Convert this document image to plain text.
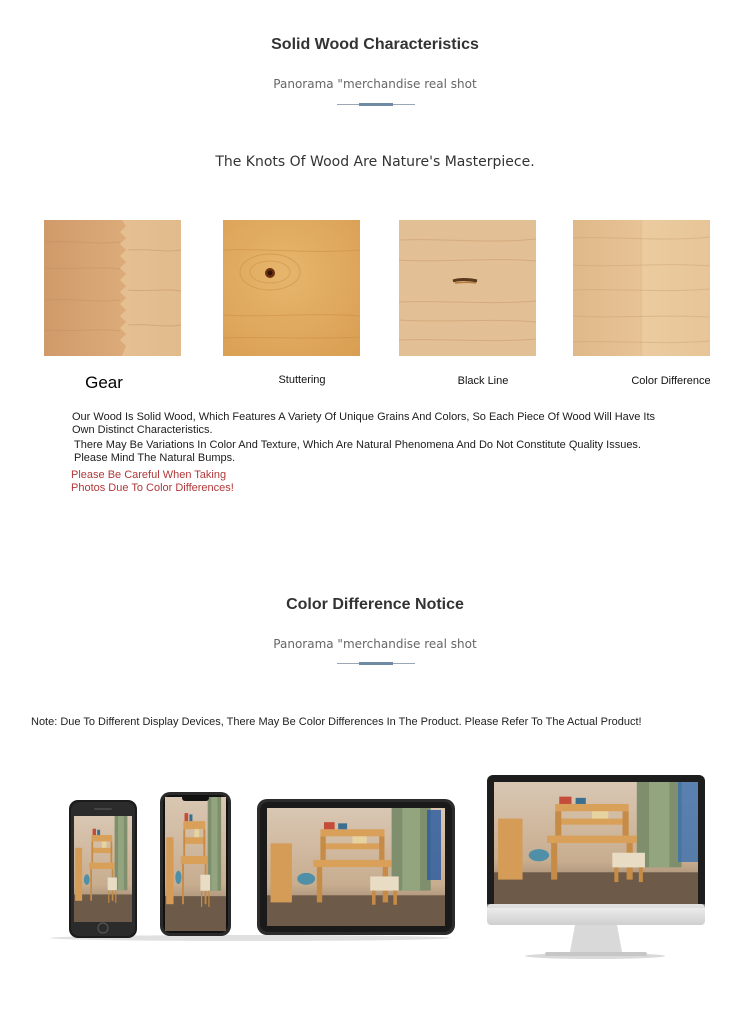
Solid Wood Characteristics
Panorama "merchandise real shot
The Knots Of Wood Are Nature's Masterpiece.
Gear	Stuttering	Black Line	Color Difference
Our Wood Is Solid Wood, Which Features A Variety Of Unique Grains And Colors, So Each Piece Of Wood Will Have Its Own Distinct Characteristics.
There May Be Variations In Color And Texture, Which Are Natural Phenomena And Do Not Constitute Quality Issues. Please Mind The Natural Bumps.
Please Be Careful When Taking
Photos Due To Color Differences!
Color Difference Notice
Panorama "merchandise real shot
Note: Due To Different Display Devices, There May Be Color Differences In The Product. Please Refer To The Actual Product!
